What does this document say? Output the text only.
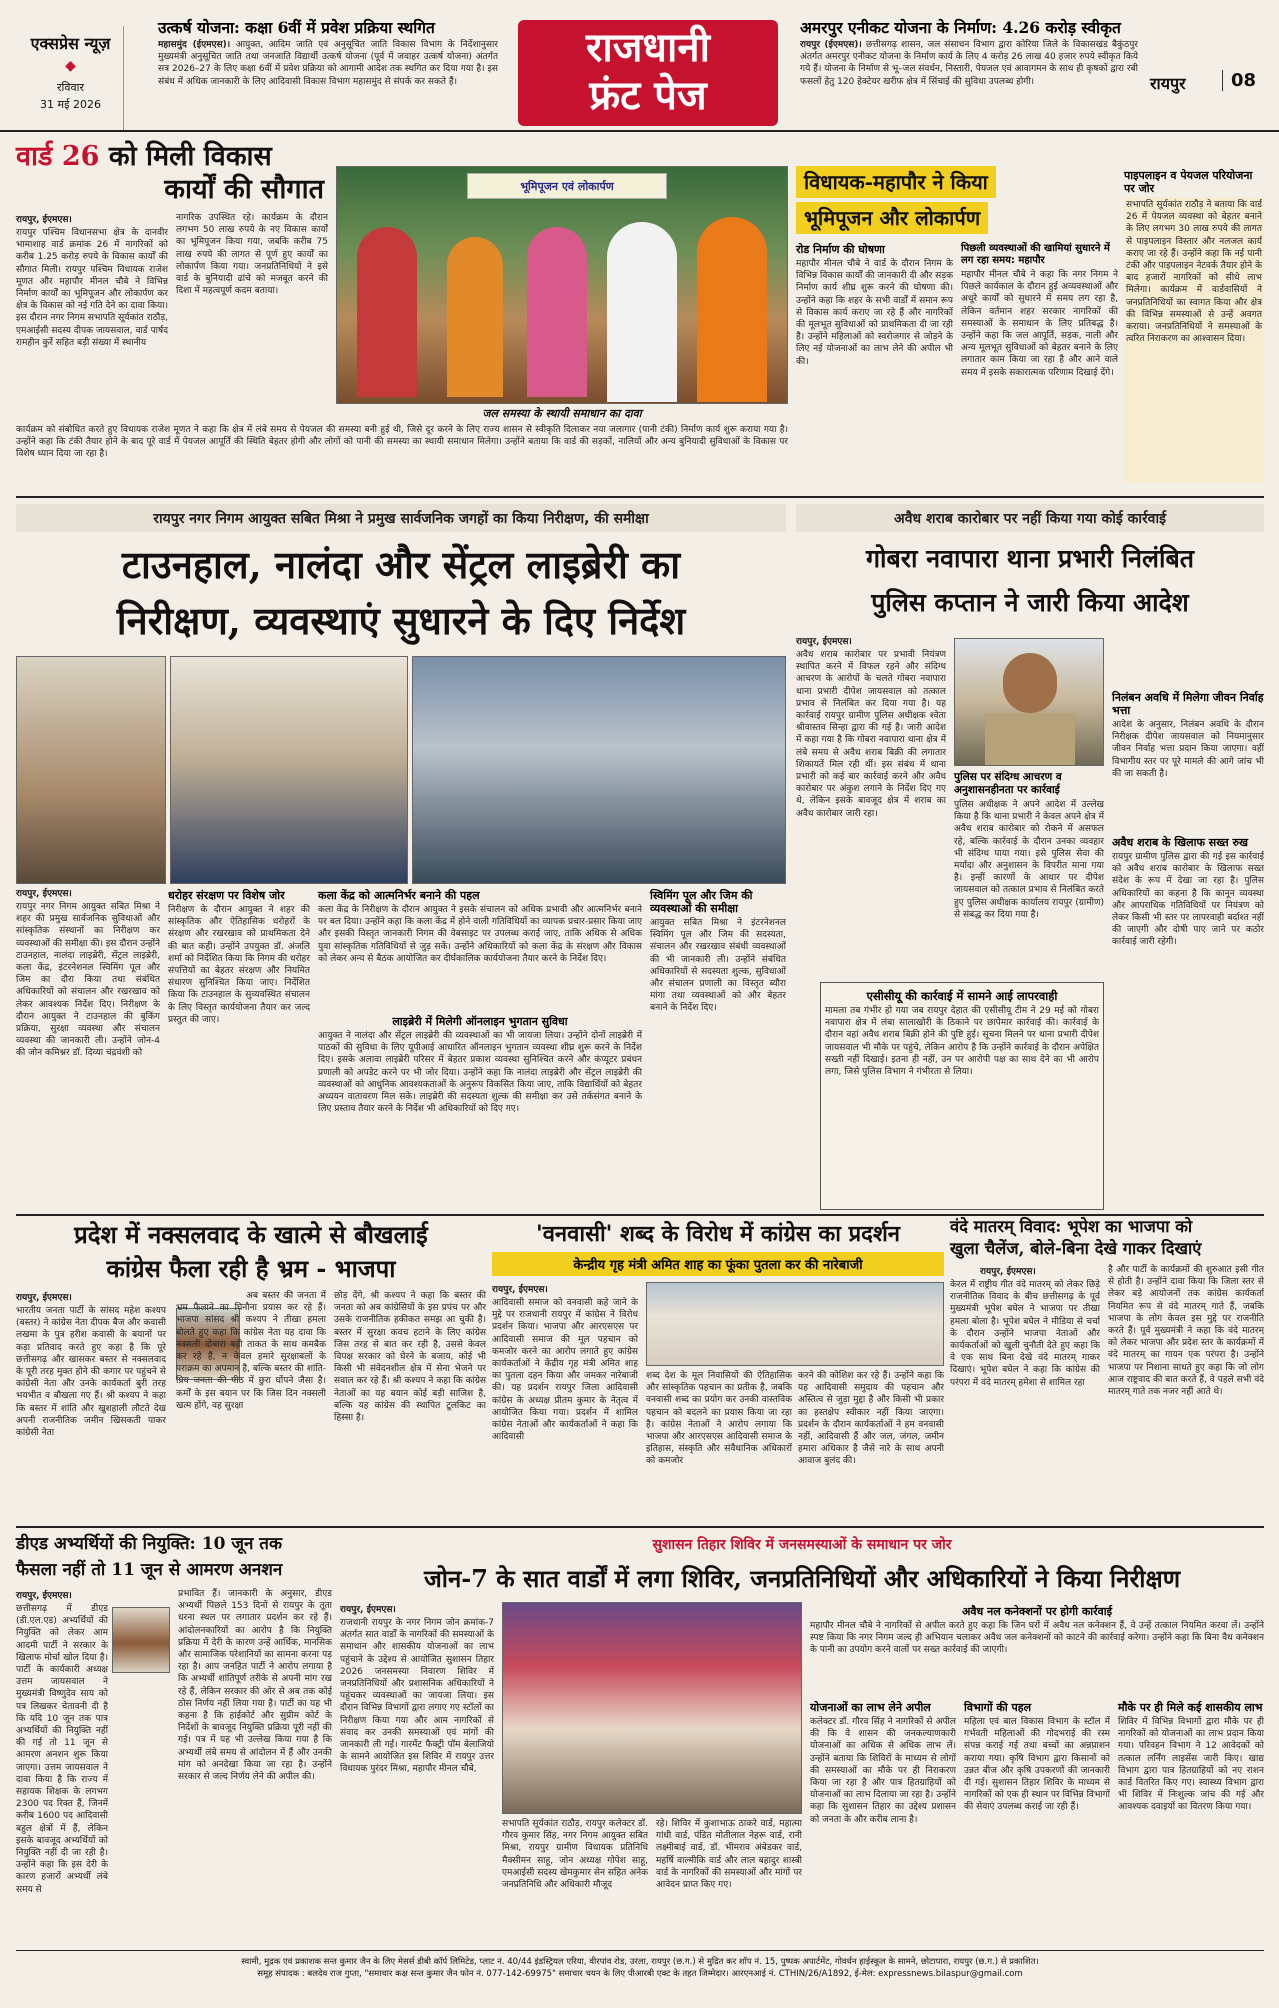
एक्सप्रेस न्यूज़
◆
रविवार
31 मई 2026
उत्कर्ष योजना: कक्षा 6वीं में प्रवेश प्रक्रिया स्थगित
महासमुंद (ईएमएस)। आयुक्त, आदिम जाति एवं अनुसूचित जाति विकास विभाग के निर्देशानुसार मुख्यमंत्री अनुसूचित जाति तथा जनजाति विद्यार्थी उत्कर्ष योजना (पूर्व में जवाहर उत्कर्ष योजना) अंतर्गत सत्र 2026–27 के लिए कक्षा 6वीं में प्रवेश प्रक्रिया को आगामी आदेश तक स्थगित कर दिया गया है। इस संबंध में अधिक जानकारी के लिए आदिवासी विकास विभाग महासमुंद से संपर्क कर सकते हैं।
राजधानी
फ्रंट पेज
अमरपुर एनीकट योजना के निर्माण: 4.26 करोड़ स्वीकृत
रायपुर (ईएमएस)। छत्तीसगढ़ शासन, जल संसाधन विभाग द्वारा कोरिया जिले के विकासखंड बैकुंठपुर अंतर्गत अमरपुर एनीकट योजना के निर्माण कार्य के लिए 4 करोड़ 26 लाख 40 हजार रुपये स्वीकृत किये गये हैं। योजना के निर्माण से भू–जल संवर्धन, निस्तारी, पेयजल एवं आवागमन के साथ ही कृषकों द्वारा रबी फसलों हेतु 120 हेक्टेयर खरीफ क्षेत्र में सिंचाई की सुविधा उपलब्ध होगी।	रायपुर	08
वार्ड 26 को मिली विकास
कार्यों की सौगात
रायपुर, ईएमएस।
रायपुर पश्चिम विधानसभा क्षेत्र के दानवीर भामाशाह वार्ड क्रमांक 26 में नागरिकों को करीब 1.25 करोड़ रुपये के विकास कार्यों की सौगात मिली। रायपुर पश्चिम विधायक राजेश मूणत और महापौर मीनल चौबे ने विभिन्न निर्माण कार्यों का भूमिपूजन और लोकार्पण कर क्षेत्र के विकास को नई गति देने का दावा किया। इस दौरान नगर निगम सभापति सूर्यकांत राठौड़, एमआईसी सदस्य दीपक जायसवाल, वार्ड पार्षद रामहीन कुर्रे सहित बड़ी संख्या में स्थानीय
नागरिक उपस्थित रहे। कार्यक्रम के दौरान लगभग 50 लाख रुपये के नए विकास कार्यों का भूमिपूजन किया गया, जबकि करीब 75 लाख रुपये की लागत से पूर्ण हुए कार्यों का लोकार्पण किया गया। जनप्रतिनिधियों ने इसे वार्ड के बुनियादी ढांचे को मजबूत करने की दिशा में महत्वपूर्ण कदम बताया।
भूमिपूजन एवं लोकार्पण
जल समस्या के स्थायी समाधान का दावा
कार्यक्रम को संबोधित करते हुए विधायक राजेश मूणत ने कहा कि क्षेत्र में लंबे समय से पेयजल की समस्या बनी हुई थी, जिसे दूर करने के लिए राज्य शासन से स्वीकृति दिलाकर नया जलागार (पानी टंकी) निर्माण कार्य शुरू कराया गया है। उन्होंने कहा कि टंकी तैयार होने के बाद पूरे वार्ड में पेयजल आपूर्ति की स्थिति बेहतर होगी और लोगों को पानी की समस्या का स्थायी समाधान मिलेगा। उन्होंने बताया कि वार्ड की सड़कों, नालियों और अन्य बुनियादी सुविधाओं के विकास पर विशेष ध्यान दिया जा रहा है।
विधायक-महापौर ने किया भूमिपूजन और लोकार्पण
रोड निर्माण की घोषणा
महापौर मीनल चौबे ने वार्ड के दौरान निगम के विभिन्न विकास कार्यों की जानकारी दी और सड़क निर्माण कार्य शीघ्र शुरू करने की घोषणा की। उन्होंने कहा कि शहर के सभी वार्डों में समान रूप से विकास कार्य कराए जा रहे हैं और नागरिकों की मूलभूत सुविधाओं को प्राथमिकता दी जा रही है। उन्होंने महिलाओं को स्वरोजगार से जोड़ने के लिए नई योजनाओं का लाभ लेने की अपील भी की।
पिछली व्यवस्थाओं की खामियां सुधारने में लग रहा समय: महापौर
महापौर मीनल चौबे ने कहा कि नगर निगम ने पिछले कार्यकाल के दौरान हुई अव्यवस्थाओं और अधूरे कार्यों को सुधारने में समय लग रहा है, लेकिन वर्तमान शहर सरकार नागरिकों की समस्याओं के समाधान के लिए प्रतिबद्ध है। उन्होंने कहा कि जल आपूर्ति, सड़क, नाली और अन्य मूलभूत सुविधाओं को बेहतर बनाने के लिए लगातार काम किया जा रहा है और आने वाले समय में इसके सकारात्मक परिणाम दिखाई देंगे।
पाइपलाइन व पेयजल परियोजना पर जोर
सभापति सूर्यकांत राठौड़ ने बताया कि वार्ड 26 में पेयजल व्यवस्था को बेहतर बनाने के लिए लगभग 30 लाख रुपये की लागत से पाइपलाइन विस्तार और नलजल कार्य कराए जा रहे हैं। उन्होंने कहा कि नई पानी टंकी और पाइपलाइन नेटवर्क तैयार होने के बाद हजारों नागरिकों को सीधे लाभ मिलेगा। कार्यक्रम में वार्डवासियों ने जनप्रतिनिधियों का स्वागत किया और क्षेत्र की विभिन्न समस्याओं से उन्हें अवगत कराया। जनप्रतिनिधियों ने समस्याओं के त्वरित निराकरण का आश्वासन दिया।
रायपुर नगर निगम आयुक्त सबित मिश्रा ने प्रमुख सार्वजनिक जगहों का किया निरीक्षण, की समीक्षा
टाउनहाल, नालंदा और सेंट्रल लाइब्रेरी का
निरीक्षण, व्यवस्थाएं सुधारने के दिए निर्देश
रायपुर, ईएमएस।
रायपुर नगर निगम आयुक्त सबित मिश्रा ने शहर की प्रमुख सार्वजनिक सुविधाओं और सांस्कृतिक संस्थानों का निरीक्षण कर व्यवस्थाओं की समीक्षा की। इस दौरान उन्होंने टाउनहाल, नालंदा लाइब्रेरी, सेंट्रल लाइब्रेरी, कला केंद्र, इंटरनेशनल स्विमिंग पूल और जिम का दौरा किया तथा संबंधित अधिकारियों को संचालन और रखरखाव को लेकर आवश्यक निर्देश दिए। निरीक्षण के दौरान आयुक्त ने टाउनहाल की बुकिंग प्रक्रिया, सुरक्षा व्यवस्था और संचालन व्यवस्था की जानकारी ली। उन्होंने जोन-4 की जोन कमिश्नर डॉ. दिव्या चंद्रवंशी को
धरोहर संरक्षण पर विशेष जोर
निरीक्षण के दौरान आयुक्त ने शहर की सांस्कृतिक और ऐतिहासिक धरोहरों के संरक्षण और रखरखाव को प्राथमिकता देने की बात कही। उन्होंने उपयुक्त डॉ. अंजलि शर्मा को निर्देशित किया कि निगम की धरोहर संपत्तियों का बेहतर संरक्षण और नियमित संधारण सुनिश्चित किया जाए। निर्देशित किया कि टाउनहाल के सुव्यवस्थित संचालन के लिए विस्तृत कार्ययोजना तैयार कर जल्द प्रस्तुत की जाए।
कला केंद्र को आत्मनिर्भर बनाने की पहल
कला केंद्र के निरीक्षण के दौरान आयुक्त ने इसके संचालन को अधिक प्रभावी और आत्मनिर्भर बनाने पर बल दिया। उन्होंने कहा कि कला केंद्र में होने वाली गतिविधियों का व्यापक प्रचार-प्रसार किया जाए और इसकी विस्तृत जानकारी निगम की वेबसाइट पर उपलब्ध कराई जाए, ताकि अधिक से अधिक युवा सांस्कृतिक गतिविधियों से जुड़ सकें। उन्होंने अधिकारियों को कला केंद्र के संरक्षण और विकास को लेकर अन्य से बैठक आयोजित कर दीर्घकालिक कार्ययोजना तैयार करने के निर्देश दिए।
लाइब्रेरी में मिलेगी ऑनलाइन भुगतान सुविधा
आयुक्त ने नालंदा और सेंट्रल लाइब्रेरी की व्यवस्थाओं का भी जायजा लिया। उन्होंने दोनों लाइब्रेरी में पाठकों की सुविधा के लिए यूपीआई आधारित ऑनलाइन भुगतान व्यवस्था शीघ्र शुरू करने के निर्देश दिए। इसके अलावा लाइब्रेरी परिसर में बेहतर प्रकाश व्यवस्था सुनिश्चित करने और कंप्यूटर प्रबंधन प्रणाली को अपडेट करने पर भी जोर दिया। उन्होंने कहा कि नालंदा लाइब्रेरी और सेंट्रल लाइब्रेरी की व्यवस्थाओं को आधुनिक आवश्यकताओं के अनुरूप विकसित किया जाए, ताकि विद्यार्थियों को बेहतर अध्ययन वातावरण मिल सके। लाइब्रेरी की सदस्यता शुल्क की समीक्षा कर उसे तर्कसंगत बनाने के लिए प्रस्ताव तैयार करने के निर्देश भी अधिकारियों को दिए गए।
स्विमिंग पूल और जिम की व्यवस्थाओं की समीक्षा
आयुक्त सबित मिश्रा ने इंटरनेशनल स्विमिंग पूल और जिम की सदस्यता, संचालन और रखरखाव संबंधी व्यवस्थाओं की भी जानकारी ली। उन्होंने संबंधित अधिकारियों से सदस्यता शुल्क, सुविधाओं और संचालन प्रणाली का विस्तृत ब्यौरा मांगा तथा व्यवस्थाओं को और बेहतर बनाने के निर्देश दिए।
अवैध शराब कारोबार पर नहीं किया गया कोई कार्रवाई
गोबरा नवापारा थाना प्रभारी निलंबित
पुलिस कप्तान ने जारी किया आदेश
रायपुर, ईएमएस।
अवैध शराब कारोबार पर प्रभावी नियंत्रण स्थापित करने में विफल रहने और संदिग्ध आचरण के आरोपों के चलते गोबरा नवापारा थाना प्रभारी दीपेश जायसवाल को तत्काल प्रभाव से निलंबित कर दिया गया है। यह कार्रवाई रायपुर ग्रामीण पुलिस अधीक्षक श्वेता श्रीवास्तव सिन्हा द्वारा की गई है। जारी आदेश में कहा गया है कि गोबरा नवापारा थाना क्षेत्र में लंबे समय से अवैध शराब बिक्री की लगातार शिकायतें मिल रही थीं। इस संबंध में थाना प्रभारी को कई बार कार्रवाई करने और अवैध कारोबार पर अंकुश लगाने के निर्देश दिए गए थे, लेकिन इसके बावजूद क्षेत्र में शराब का अवैध कारोबार जारी रहा।
पुलिस पर संदिग्ध आचरण व अनुशासनहीनता पर कार्रवाई
पुलिस अधीक्षक ने अपने आदेश में उल्लेख किया है कि थाना प्रभारी ने केवल अपने क्षेत्र में अवैध शराब कारोबार को रोकने में असफल रहे, बल्कि कार्रवाई के दौरान उनका व्यवहार भी संदिग्ध पाया गया। इसे पुलिस सेवा की मर्यादा और अनुशासन के विपरीत माना गया है। इन्हीं कारणों के आधार पर दीपेश जायसवाल को तत्काल प्रभाव से निलंबित करते हुए पुलिस अधीक्षक कार्यालय रायपुर (ग्रामीण) से संबद्ध कर दिया गया है।
निलंबन अवधि में मिलेगा जीवन निर्वाह भत्ता
आदेश के अनुसार, निलंबन अवधि के दौरान निरीक्षक दीपेश जायसवाल को नियमानुसार जीवन निर्वाह भत्ता प्रदान किया जाएगा। वहीं विभागीय स्तर पर पूरे मामले की आगे जांच भी की जा सकती है।
अवैध शराब के खिलाफ सख्त रुख
रायपुर ग्रामीण पुलिस द्वारा की गई इस कार्रवाई को अवैध शराब कारोबार के खिलाफ सख्त संदेश के रूप में देखा जा रहा है। पुलिस अधिकारियों का कहना है कि कानून व्यवस्था और आपराधिक गतिविधियों पर नियंत्रण को लेकर किसी भी स्तर पर लापरवाही बर्दाश्त नहीं की जाएगी और दोषी पाए जाने पर कठोर कार्रवाई जारी रहेगी।
एसीसीयू की कार्रवाई में सामने आई लापरवाही
मामला तब गंभीर हो गया जब रायपुर देहात की एसीसीयू टीम ने 29 मई को गोबरा नवापारा क्षेत्र में लंबा सालाखोरी के ठिकाने पर छापेमार कार्रवाई की। कार्रवाई के दौरान वहां अवैध शराब बिक्री होने की पुष्टि हुई। सूचना मिलने पर थाना प्रभारी दीपेश जायसवाल भी मौके पर पहुंचे, लेकिन आरोप है कि उन्होंने कार्रवाई के दौरान अपेक्षित सख्ती नहीं दिखाई। इतना ही नहीं, उन पर आरोपी पक्ष का साथ देने का भी आरोप लगा, जिसे पुलिस विभाग ने गंभीरता से लिया।
प्रदेश में नक्सलवाद के खात्मे से बौखलाई
कांग्रेस फैला रही है भ्रम - भाजपा
रायपुर, ईएमएस।
भारतीय जनता पार्टी के सांसद महेश कश्यप (बस्तर) ने कांग्रेस नेता दीपक बैज और कवासी लखमा के पुत्र हरीश कवासी के बयानों पर कड़ा प्रतिवाद करते हुए कहा है कि पूरे छत्तीसगढ़ और खासकर बस्तर से नक्सलवाद के पूरी तरह मुक्त होने की कगार पर पहुंचने से कांग्रेसी नेता और उनके कार्यकर्ता बुरी तरह भयभीत व बौखला गए हैं। श्री कश्यप ने कहा कि बस्तर में शांति और खुशहाली लौटते देख अपनी राजनीतिक जमीन खिसकती पाकर कांग्रेसी नेता
अब बस्तर की जनता में भ्रम फैलाने का घिनौना प्रयास कर रहे हैं। भाजपा सांसद श्री कश्यप ने तीखा हमला बोलते हुए कहा कि कांग्रेस नेता यह दावा कि नक्सली दोबारा बड़ी ताकत के साथ कमबैक कर रहे हैं, न केवल हमारे सुरक्षाबलों के पराक्रम का अपमान है, बल्कि बस्तर की शांति-प्रिय जनता की पीठ में छुरा घोंपने जैसा है। कर्मों के इस बयान पर कि जिस दिन नक्सली खत्म होंगे, वह सुरक्षा
छोड़ देंगे, श्री कश्यप ने कहा कि बस्तर की जनता को अब कांग्रेसियों के इस प्रपंच पर और उसके राजनीतिक हकीकत समझ आ चुकी है। बस्तर में सुरक्षा कवच हटाने के लिए कांग्रेस जिस तरह से बात कर रही है, उससे केवल विपक्ष सरकार को घेरने के बजाय, कोई भी किसी भी संवेदनशील क्षेत्र में सेना भेजने पर सवाल कर रहे हैं। श्री कश्यप ने कहा कि कांग्रेस नेताओं का यह बयान कोई बड़ी साजिश है, बल्कि यह कांग्रेस की स्थापित टूलकिट का हिस्सा है।
'वनवासी' शब्द के विरोध में कांग्रेस का प्रदर्शन
केन्द्रीय गृह मंत्री अमित शाह का फूंका पुतला कर की नारेबाजी
रायपुर, ईएमएस।
आदिवासी समाज को वनवासी कहे जाने के मुद्दे पर राजधानी रायपुर में कांग्रेस ने विरोध प्रदर्शन किया। भाजपा और आरएसएस पर आदिवासी समाज की मूल पहचान को कमजोर करने का आरोप लगाते हुए कांग्रेस कार्यकर्ताओं ने केंद्रीय गृह मंत्री अमित शाह का पुतला दहन किया और जमकर नारेबाजी की। यह प्रदर्शन रायपुर जिला आदिवासी कांग्रेस के अध्यक्ष प्रीतम कुमार के नेतृत्व में आयोजित किया गया। प्रदर्शन में शामिल कांग्रेस नेताओं और कार्यकर्ताओं ने कहा कि आदिवासी
शब्द देश के मूल निवासियों की ऐतिहासिक और सांस्कृतिक पहचान का प्रतीक है, जबकि वनवासी शब्द का प्रयोग कर उनकी वास्तविक पहचान को बदलने का प्रयास किया जा रहा है। कांग्रेस नेताओं ने आरोप लगाया कि भाजपा और आरएसएस आदिवासी समाज के इतिहास, संस्कृति और संवैधानिक अधिकारों को कमजोर
करने की कोशिश कर रहे हैं। उन्होंने कहा कि यह आदिवासी समुदाय की पहचान और अस्तित्व से जुड़ा मुद्दा है और किसी भी प्रकार का हस्तक्षेप स्वीकार नहीं किया जाएगा। प्रदर्शन के दौरान कार्यकर्ताओं ने हम वनवासी नहीं, आदिवासी हैं और जल, जंगल, जमीन हमारा अधिकार है जैसे नारे के साथ अपनी आवाज बुलंद की।
वंदे मातरम् विवाद: भूपेश का भाजपा को
खुला चैलेंज, बोले-बिना देखे गाकर दिखाएं
रायपुर, ईएमएस।
केरल में राष्ट्रीय गीत वंदे मातरम् को लेकर छिड़े राजनीतिक विवाद के बीच छत्तीसगढ़ के पूर्व मुख्यमंत्री भूपेश बघेल ने भाजपा पर तीखा हमला बोला है। भूपेश बघेल ने मीडिया से चर्चा के दौरान उन्होंने भाजपा नेताओं और कार्यकर्ताओं को खुली चुनौती देते हुए कहा कि वे एक साथ बिना देखे वंदे मातरम् गाकर दिखाएं। भूपेश बघेल ने कहा कि कांग्रेस की परंपरा में वंदे मातरम् हमेशा से शामिल रहा
है और पार्टी के कार्यक्रमों की शुरुआत इसी गीत से होती है। उन्होंने दावा किया कि जिला स्तर से लेकर बड़े आयोजनों तक कांग्रेस कार्यकर्ता नियमित रूप से वंदे मातरम् गाते हैं, जबकि भाजपा के लोग केवल इस मुद्दे पर राजनीति करते हैं। पूर्व मुख्यमंत्री ने कहा कि वंदे मातरम् को लेकर भाजपा और प्रदेश स्तर के कार्यक्रमों में वंदे मातरम् का गायन एक परंपरा है। उन्होंने भाजपा पर निशाना साधते हुए कहा कि जो लोग आज राष्ट्रवाद की बात करते हैं, वे पहले सभी वंदे मातरम् गाते तक नजर नहीं आते थे।
डीएड अभ्यर्थियों की नियुक्ति: 10 जून तक
फैसला नहीं तो 11 जून से आमरण अनशन
रायपुर, ईएमएस।
छत्तीसगढ़ में डीएड (डी.एल.एड) अभ्यर्थियों की नियुक्ति को लेकर आम आदमी पार्टी ने सरकार के खिलाफ मोर्चा खोल दिया है। पार्टी के कार्यकारी अध्यक्ष उत्तम जायसवाल ने मुख्यमंत्री विष्णुदेव साय को पत्र लिखकर चेतावनी दी है कि यदि 10 जून तक पात्र अभ्यर्थियों की नियुक्ति नहीं की गई तो 11 जून से आमरण अनशन शुरू किया जाएगा। उत्तम जायसवाल ने दावा किया है कि राज्य में सहायक शिक्षक के लगभग 2300 पद रिक्त हैं, जिनमें करीब 1600 पद आदिवासी बहुल क्षेत्रों में हैं, लेकिन इसके बावजूद अभ्यर्थियों को नियुक्ति नहीं दी जा रही है। उन्होंने कहा कि इस देरी के कारण हजारों अभ्यर्थी लंबे समय से
प्रभावित हैं। जानकारी के अनुसार, डीएड अभ्यर्थी पिछले 153 दिनों से रायपुर के तूता धरना स्थल पर लगातार प्रदर्शन कर रहे हैं। आंदोलनकारियों का आरोप है कि नियुक्ति प्रक्रिया में देरी के कारण उन्हें आर्थिक, मानसिक और सामाजिक परेशानियों का सामना करना पड़ रहा है। आप जनहित पार्टी ने आरोप लगाया है कि अभ्यर्थी शांतिपूर्ण तरीके से अपनी मांग रख रहे हैं, लेकिन सरकार की ओर से अब तक कोई ठोस निर्णय नहीं लिया गया है। पार्टी का यह भी कहना है कि हाईकोर्ट और सुप्रीम कोर्ट के निर्देशों के बावजूद नियुक्ति प्रक्रिया पूरी नहीं की गई। पत्र में यह भी उल्लेख किया गया है कि अभ्यर्थी लंबे समय से आंदोलन में हैं और उनकी मांग को अनदेखा किया जा रहा है। उन्होंने सरकार से जल्द निर्णय लेने की अपील की।
सुशासन तिहार शिविर में जनसमस्याओं के समाधान पर जोर
जोन-7 के सात वार्डों में लगा शिविर, जनप्रतिनिधियों और अधिकारियों ने किया निरीक्षण
रायपुर, ईएमएस।
राजधानी रायपुर के नगर निगम जोन क्रमांक-7 अंतर्गत सात वार्डों के नागरिकों की समस्याओं के समाधान और शासकीय योजनाओं का लाभ पहुंचाने के उद्देश्य से आयोजित सुशासन तिहार 2026 जनसमस्या निवारण शिविर में जनप्रतिनिधियों और प्रशासनिक अधिकारियों ने पहुंचकर व्यवस्थाओं का जायजा लिया। इस दौरान विभिन्न विभागों द्वारा लगाए गए स्टॉलों का निरीक्षण किया गया और आम नागरिकों से संवाद कर उनकी समस्याओं एवं मांगों की जानकारी ली गई। गारमेंट फैक्ट्री पॉम बेलाजियो के सामने आयोजित इस शिविर में रायपुर उत्तर विधायक पुरंदर मिश्रा, महापौर मीनल चौबे,
सभापति सूर्यकांत राठौड़, रायपुर कलेक्टर डॉ. गौरव कुमार सिंह, नगर निगम आयुक्त सबित मिश्रा, रायपुर ग्रामीण विधायक प्रतिनिधि मैक्सीमन साहू, जोन अध्यक्ष गोपेश साहू, एमआईसी सदस्य खेमकुमार सेन सहित अनेक जनप्रतिनिधि और अधिकारी मौजूद
रहे। शिविर में कुशाभाऊ ठाकरे वार्ड, महात्मा गांधी वार्ड, पंडित मोतीलाल नेहरू वार्ड, रानी लक्ष्मीबाई वार्ड, डॉ. भीमराव अंबेडकर वार्ड, महर्षि वाल्मीकि वार्ड और लाल बहादुर शास्त्री वार्ड के नागरिकों की समस्याओं और मांगों पर आवेदन प्राप्त किए गए।
अवैध नल कनेक्शनों पर होगी कार्रवाई
महापौर मीनल चौबे ने नागरिकों से अपील करते हुए कहा कि जिन घरों में अवैध नल कनेक्शन हैं, वे उन्हें तत्काल नियमित करवा लें। उन्होंने स्पष्ट किया कि नगर निगम जल्द ही अभियान चलाकर अवैध जल कनेक्शनों को काटने की कार्रवाई करेगा। उन्होंने कहा कि बिना वैध कनेक्शन के पानी का उपयोग करने वालों पर सख्त कार्रवाई की जाएगी।
योजनाओं का लाभ लेने अपील
कलेक्टर डॉ. गौरव सिंह ने नागरिकों से अपील की कि वे शासन की जनकल्याणकारी योजनाओं का अधिक से अधिक लाभ लें। उन्होंने बताया कि शिविरों के माध्यम से लोगों की समस्याओं का मौके पर ही निराकरण किया जा रहा है और पात्र हितग्राहियों को योजनाओं का लाभ दिलाया जा रहा है। उन्होंने कहा कि सुशासन तिहार का उद्देश्य प्रशासन को जनता के और करीब लाना है।
विभागों की पहल
महिला एवं बाल विकास विभाग के स्टॉल में गर्भवती महिलाओं की गोदभराई की रस्म संपन्न कराई गई तथा बच्चों का अन्नप्राशन कराया गया। कृषि विभाग द्वारा किसानों को उन्नत बीज और कृषि उपकरणों की जानकारी दी गई। सुशासन तिहार शिविर के माध्यम से नागरिकों को एक ही स्थान पर विभिन्न विभागों की सेवाएं उपलब्ध कराई जा रही हैं।
मौके पर ही मिले कई शासकीय लाभ
शिविर में विभिन्न विभागों द्वारा मौके पर ही नागरिकों को योजनाओं का लाभ प्रदान किया गया। परिवहन विभाग ने 12 आवेदकों को तत्काल लर्निंग लाइसेंस जारी किए। खाद्य विभाग द्वारा पात्र हितग्राहियों को नए राशन कार्ड वितरित किए गए। स्वास्थ्य विभाग द्वारा भी शिविर में निःशुल्क जांच की गई और आवश्यक दवाइयों का वितरण किया गया।
स्वामी, मुद्रक एवं प्रकाशक सन्त कुमार जैन के लिए मेसर्स डीबी कॉर्प लिमिटेड, प्लाट नं. 40/44 इंडस्ट्रियल एरिया, वीरपांव रोड, उरला, रायपुर (छ.ग.) से मुद्रित कर शॉप नं. 15, पुष्पक अपार्टमेंट, गोवर्धन हाईस्कूल के सामने, छोटापारा, रायपुर (छ.ग.) से प्रकाशित।
समूह संपादक : बलदेव राज गुप्ता, "समाचार कक्ष सन्त कुमार जैन फोन नं. 077-142-69975" समाचार चयन के लिए पीआरबी एक्ट के तहत जिम्मेदार। आरएनआई नं. CTHIN/26/A1892, ई-मेल: expressnews.bilaspur@gmail.com
